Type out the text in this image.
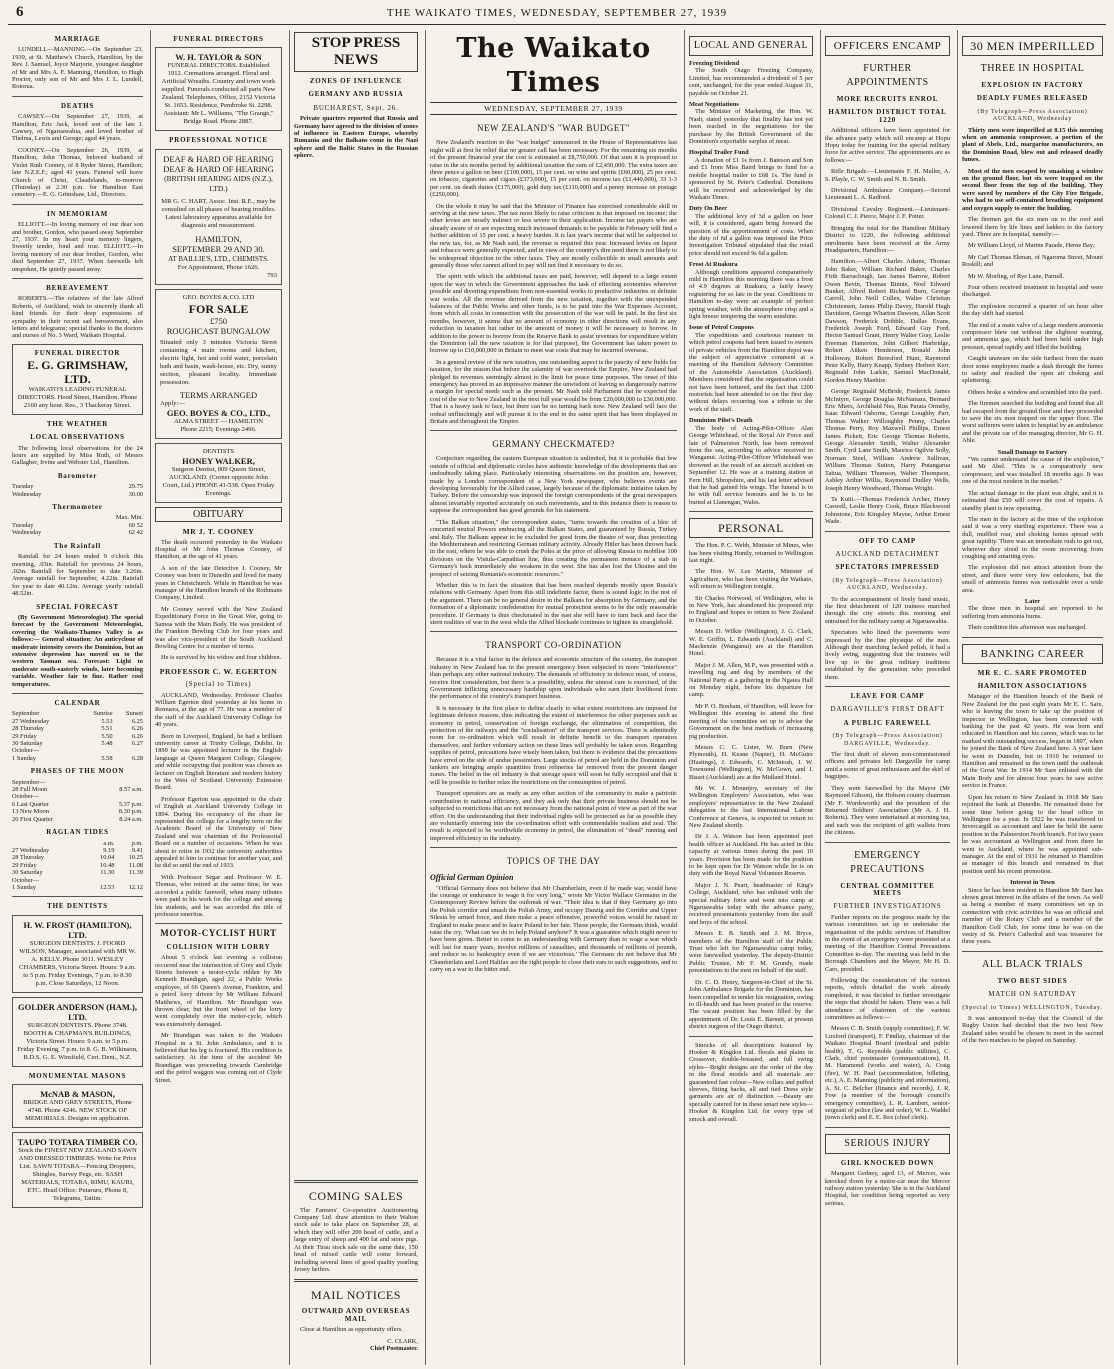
6	THE WAIKATO TIMES, WEDNESDAY, SEPTEMBER 27, 1939
MARRIAGE

LUNDELL—MANNING.—On September 23, 1939, at St. Matthew's Church, Hamilton, by the Rev. J. Samuel, Joyce Marjorie, youngest daughter of Mr and Mrs A. F. Manning, Hamilton, to Hugh Proctor, only son of Mr and Mrs J. L. Lundell, Rotorua.

DEATHS

CAWSEY.—On September 27, 1939, at Hamilton, Eric Jack, loved son of the late J. Cawsey, of Ngaruawahia, and loved brother of Thelma, Lewis and George; aged 44 years.

COONEY.—On September 26, 1939, at Hamilton, John Thomas, beloved husband of Violet Ruth Cooney, of 8 Ryder Street, Hamilton; late N.Z.E.F.; aged 41 years. Funeral will leave Church of Christ, Claudelands, to-morrow (Thursday) at 2.30 p.m. for Hamilton East cemetery.—E. G. Grimshaw, Ltd., Directors.

IN MEMORIAM

ELLIOTT.—In loving memory of our dear son and brother, Gordon, who passed away September 27, 1937. In my heart your memory lingers, Sweetly tender, fond and true. ELLIOTT.—In loving memory of our dear brother, Gordon, who died September 27, 1937. When farewells left unspoken, He quietly passed away.

BEREAVEMENT

ROBERTS.—The relatives of the late Alfred Roberts, of Auckland, wish to sincerely thank all kind friends for their deep expressions of sympathy in their recent sad bereavement, also letters and telegrams; special thanks to the doctors and nurses of No. 3 Ward, Waikato Hospital.

FUNERAL DIRECTOR
E. G. GRIMSHAW, LTD.
WAIKATO'S LEADING FUNERAL DIRECTORS. Hood Street, Hamilton. Phone 2160 any hour. Res., 3 Thackeray Street.
THE WEATHER
LOCAL OBSERVATIONS

The following local observations for the 24 hours are supplied by Miss Ruth, of Messrs Gallagher, Irvine and Webster Ltd., Hamilton.

Barometer
Tuesday	29.75
Wednesday	30.00
Thermometer
	Max. Min.
Tuesday	60 52
Wednesday	62 42
The Rainfall

Rainfall for 24 hours ended 9 o'clock this morning, .03in. Rainfall for previous 24 hours, .02in. Rainfall for September to date 3.26in. Average rainfall for September, 4.22in. Rainfall for year to date 40.12in. Average yearly rainfall 48.52in.

SPECIAL FORECAST

(By Government Meteorologist) The special forecast by the Government Meteorologist, covering the Waikato-Thames Valley is as follows:— General situation: An anticyclone of moderate intensity covers the Dominion, but an extensive depression has moved on to the western Tasman sea. Forecast: Light to moderate south-easterly winds, later becoming variable. Weather fair to fine. Rather cool temperatures.

CALENDAR
September	Sunrise	Sunset
27 Wednesday	5.53	6.25
28 Thursday	5.51	6.26
29 Friday	5.50	6.26
30 Saturday	5.48	6.27
October—		
1 Sunday	5.58	6.28
PHASES OF THE MOON
September—	
28 Full Moon	8.57 a.m.
October—	
6 Last Quarter	5.37 p.m.
13 New Moon	8.30 p.m.
20 First Quarter	8.24 a.m.
RAGLAN TIDES
	a.m.	p.m.
27 Wednesday	9.19	9.41
28 Thursday	10.04	10.25
29 Friday	10.48	11.08
30 Saturday	11.30	11.39
October—		
1 Sunday	12.53	12.12
THE DENTISTS
H. W. FROST (HAMILTON), LTD.
SURGEON DENTISTS. J. FOORD WILSON, Manager, associated with MR W. A. KELLY. Phone 3011. WESLEY CHAMBERS, Victoria Street. Hours: 9 a.m. to 5 p.m. Friday Evenings, 7 p.m. to 8.30 p.m. Close Saturdays, 12 Noon.
GOLDER ANDERSON (HAM.), LTD.
SURGEON DENTISTS. Phone 3748. BOOTH & CHAPMAN'S BUILDINGS, Victoria Street. Hours: 9 a.m. to 5 p.m. Friday Evening, 7 p.m. to 8. G. B. Wilkinson, B.D.S. G. E. Winsfield, Cert. Dent., N.Z.
MONUMENTAL MASONS
McNAB & MASON,
BRIDGE AND GREY STREETS, Phone 4748. Phone 4246. NEW STOCK OF MEMORIALS. Designs on application.
TAUPO TOTARA TIMBER CO.
Stock the FINEST NEW ZEALAND SAWN AND DRESSED TIMBERS. Write for Price List. SAWN TOTARA—Fencing Droppers, Shingles, Survey Pegs, etc. SASH MATERIALS, TOTARA, RIMU, KAURI, ETC. Head Office: Putaruru, Phone 8, Telegrams, Taitim.
FUNERAL DIRECTORS
W. H. TAYLOR & SON
FUNERAL DIRECTORS. Established 1912. Cremations arranged. Floral and Artificial Wreaths. Country and town work supplied. Funerals conducted all parts New Zealand. Telephones, Office, 2152 Victoria St. 1653. Residence, Pembroke St. 2298. Assistant: Mr L. Williams, "The Grange," Bridge Road. Phone 2887.
PROFESSIONAL NOTICE
DEAF & HARD OF HEARING
DEAF & HARD OF HEARING
(BRITISH HEARING AIDS (N.Z.), LTD.)
MR G. C. HART, Assoc. Inst. R.E., may be consulted on all phases of hearing troubles. Latest laboratory apparatus available for diagnosis and measurement.
HAMILTON,
SEPTEMBER 29 AND 30.
AT BAILLIE'S, LTD., CHEMISTS.
For Appointment, Phone 1626.
793
GEO. BOYES & CO. LTD
FOR SALE
£750
ROUGHCAST BUNGALOW
Situated only 3 minutes Victoria Street containing 4 main rooms and kitchen, electric light, hot and cold water, porcelain bath and basin, wash-house, etc. Dry, sunny section, pleasant locality. Immediate possession.
TERMS ARRANGED
Apply:—
GEO. BOYES & CO., LTD.,
ALMA STREET — HAMILTON
Phone 2215; Evenings 2496.
DENTISTS
HONEY WALKER,
Surgeon Dentist, 809 Queen Street, AUCKLAND. (Corner opposite John Court, Ltd.) PHONE 41-538. Open Friday Evenings.
OBITUARY
MR J. T. COONEY

The death occurred yesterday in the Waikato Hospital of Mr John Thomas Cooney, of Hamilton, at the age of 41 years.

A son of the late Detective J. Cooney, Mr Cooney was born in Dunedin and lived for many years in Christchurch. While in Hamilton he was manager of the Hamilton branch of the Rothmans Company, Limited.

Mr Cooney served with the New Zealand Expeditionary Force in the Great War, going to Samoa with the Main Body. He was president of the Frankton Bowling Club for four years and was also vice-president of the South Auckland Bowling Centre for a number of terms.

He is survived by his widow and four children.

PROFESSOR C. W. EGERTON
(Special to Times)

AUCKLAND, Wednesday. Professor Charles William Egerton died yesterday at his home in Remuera, at the age of 77. He was a member of the staff of the Auckland University College for 40 years.

Born in Liverpool, England, he had a brilliant university career at Trinity College, Dublin. In 1890 he was appointed lecturer in the English language at Queen Margaret College, Glasgow, and while occupying that position was chosen as lecturer on English literature and modern history to the West of Scotland University Extension Board.

Professor Egerton was appointed to the chair of English at Auckland University College in 1894. During his occupancy of the chair he represented the college for a lengthy term on the Academic Board of the University of New Zealand and was chairman of the Professorial Board on a number of occasions. When he was about to retire in 1932 the university authorities appealed to him to continue for another year, and he did so until the end of 1933.

With Professor Segar and Professor W. E. Thomas, who retired at the same time, he was accorded a public farewell, when many tributes were paid to his work for the college and among his students, and he was accorded the title of professor emeritus.

MOTOR-CYCLIST HURT
COLLISION WITH LORRY

About 5 o'clock last evening a collision occurred near the intersection of Grey and Clyde Streets between a motor-cycle ridden by Mr Kenneth Brandigan, aged 22, a Public Works employee, of 66 Queen's Avenue, Frankton, and a petrol lorry driven by Mr William Edward Matthews, of Hamilton. Mr Brandigan was thrown clear, but the front wheel of the lorry went completely over the motor-cycle, which was extensively damaged.

Mr Brandigan was taken to the Waikato Hospital in a St. John Ambulance, and it is believed that his leg is fractured. His condition is satisfactory. At the time of the accident Mr Brandigan was proceeding towards Cambridge and the petrol waggon was coming out of Clyde Street.

STOP PRESS NEWS
ZONES OF INFLUENCE
GERMANY AND RUSSIA
BUCHAREST, Sept. 26.

Private quarters reported that Russia and Germany have agreed to the division of zones of influence in Eastern Europe, whereby Rumania and the Balkans come in the Nazi sphere and the Baltic States in the Russian sphere.

COMING SALES

The Farmers' Co-operative Auctioneering Company Ltd. draw attention to their Walton stock sale to take place on September 28, at which they will offer 200 head of cattle, and a large entry of sheep and 400 fat and store pigs. At their Tirau stock sale on the same date, 150 head of mixed cattle will come forward, including several lines of good quality yearling Jersey heifers.

MAIL NOTICES
OUTWARD AND OVERSEAS MAIL

Close at Hamilton as opportunity offers.

C. CLARK,
Chief Postmaster.
The Waikato Times
WEDNESDAY, SEPTEMBER 27, 1939
NEW ZEALAND'S "WAR BUDGET"

New Zealand's reaction to the "war budget" announced in the House of Representatives last night will at first be relief that no greater call has been necessary. For the remaining six months of the present financial year the cost is estimated at £8,750,000. Of that sum it is proposed to raise in the six months period by additional taxation the sum of £2,450,000. The extra taxes are three pence a gallon on beer (£100,000), 15 per cent. on wine and spirits (£60,000), 25 per cent. on tobacco, cigarettes and cigars (£373,000), 15 per cent. on income tax (£1,440,000), 33 1-3 per cent. on death duties (£175,000), gold duty tax (£110,000) and a penny increase on postage (£250,000).

On the whole it may be said that the Minister of Finance has exercised considerable skill in arriving at the new taxes. The tax most likely to raise criticism is that imposed on income; the other levies are mostly indirect or less severe in their application. Income tax payers who are already aware of or are expecting much increased demands to be payable in February will find a further addition of 15 per cent. a heavy burden. It is last year's income that will be subjected to the new tax, for, as Mr Nash said, the revenue is required this year. Increased levies on liquor and tobacco were generally expected, and in view of the country's dire need there is not likely to be widespread objection to the other taxes. They are mostly collectible in small amounts and generally those who cannot afford to pay will not find it necessary to do so.

The spirit with which the additional taxes are paid, however, will depend to a large extent upon the way in which the Government approaches the task of effecting economies wherever possible and diverting expenditure from non-essential works to productive industries or definite war works. All the revenue derived from the new taxation, together with the unexpended balances of the Public Works and other funds, is to be paid into the War Expenses Account, from which all costs in connection with the prosecution of the war will be paid. In the first six months, however, it seems that no amount of economy in other directions will result in any reduction in taxation but rather in the amount of money it will be necessary to borrow. In addition to the power to borrow from the Reserve Bank to assist revenues for expenditure within the Dominion (all the new taxation is for that purpose), the Government has taken power to borrow up to £10,000,000 in Britain to meet war costs that may be incurred overseas.

In a general review of the new taxation, one outstanding aspect is the paucity of new fields for taxation, for the reason that before the calamity of war overtook the Empire, New Zealand had pledged its revenues seemingly almost to the limit for peace time purposes. The onset of this emergency has proved in an impressive manner the unwisdom of leaving so dangerously narrow a margin for special needs such as the present. Mr Nash told Parliament that he expected the cost of the war to New Zealand in the next full year would be from £20,000,000 to £30,000,000. That is a heavy task to face, but there can be no turning back now. New Zealand will face the ordeal unflinchingly and will pursue it to the end in the same spirit that has been displayed in Britain and throughout the Empire.

GERMANY CHECKMATED?

Conjecture regarding the eastern European situation is unlimited, but it is probable that few outside of official and diplomatic circles have authentic knowledge of the developments that are undoubtedly taking place. Particularly interesting observations on the position are, however, made by a London correspondent of a New York newspaper, who believes events are developing favourably for the Allied cause, largely because of the diplomatic initiative taken by Turkey. Before the censorship was imposed the foreign correspondents of the great newspapers almost invariably reported accurately on such movements, and in this instance there is reason to suppose the correspondent has good grounds for his statement.

"The Balkan situation," the correspondent states, "turns towards the creation of a bloc of concerted neutral Powers embracing all the Balkan States, and guaranteed by Russia, Turkey and Italy. The Balkans appear to be excluded for good from the theatre of war, thus protecting the Mediterranean and restricting German military activity. Already Hitler has been thrown back in the east, where he was able to crush the Poles at the price of allowing Russia to mobilise 100 divisions on the Vistula-Carpathian line, thus creating the permanent menace of a stab in Germany's back immediately she weakens in the west. She has also lost the Ukraine and the prospect of seizing Rumania's economic resources."

Whether this is in fact the situation that has been reached depends mostly upon Russia's relations with Germany. Apart from this still indefinite factor, there is sound logic in the rest of the argument. There can be no general desire in the Balkans for absorption by Germany, and the formation of a diplomatic confederation for mutual protection seems to be the only reasonable procedure. If Germany is thus checkmated in the east she will have to turn back and face the stern realities of war in the west while the Allied blockade continues to tighten its stranglehold.

TRANSPORT CO-ORDINATION

Because it is a vital factor in the defence and economic structure of the country, the transport industry in New Zealand has in the present emergency been subjected to more "interference" than perhaps any other national industry. The demands of efficiency in defence must, of course, receive first consideration, but there is a possibility, unless the utmost care is exercised, of the Government inflicting unnecessary hardship upon individuals who earn their livelihood from the performance of the country's transport business.

It is necessary in the first place to define clearly to what extent restrictions are imposed for legitimate defence reasons, thus indicating the extent of interference for other purposes such as economy in petrol, conservation of foreign exchange, the elimination of competition, the protection of the railways and the "socialisation" of the transport services. There is admittedly room for co-ordination which will result in definite benefit to the transport operators themselves, and further voluntary action on these lines will probably be taken soon. Regarding supplies of petrol, precautions have wisely been taken, but there is evidence that the precautions have erred on the side of undue pessimism. Large stocks of petrol are held in the Dominion and tankers are bringing ample quantities from refineries far removed from the present danger zones. The belief in the oil industry is that storage space will soon be fully occupied and that it will be possible to further relax the restrictions on the consumption of petrol.

Transport operators are as ready as any other section of the community to make a patriotic contribution to national efficiency, and they ask only that their private business should not be subjected to restrictions that are not necessary from the national point of view as part of the war effort. On the understanding that their individual rights will be protected as far as possible they are voluntarily entering into the co-ordination effort with commendable realism and zeal. The result is expected to be worthwhile economy in petrol, the elimination of "dead" running and improved efficiency in the industry.

TOPICS OF THE DAY
Official German Opinion

"Official Germany does not believe that Mr Chamberlain, even if he made war, would have the courage or endurance to wage it for very long," wrote Mr Victor Wallace Germains in the Contemporary Review before the outbreak of war. "Their idea is that if they Germany go into the Polish corridor and smash the Polish Army, and occupy Danzig and the Corridor and Upper Silesia by armed force, and then make a peace offensive, powerful voices would be raised in England to make peace and to leave Poland to her fate. These people, the Germans think, would raise the cry, 'What can we do to help Poland anyhow?' It was a guarantee which ought never to have been given. Better to come to an understanding with Germany than to wage a war which will last for many years, involve millions of casualties, and thousands of millions of pounds, and reduce us to bankruptcy even if we are victorious.' The Germans do not believe that Mr Chamberlain and Lord Halifax are the right people to close their ears to such suggestions, and to carry on a war to the bitter end.

LOCAL AND GENERAL
Freezing Dividend

The South Otago Freezing Company, Limited, has recommended a dividend of 5 per cent, unchanged, for the year ended August 31, payable on October 21.

Meat Negotiations

The Minister of Marketing, the Hon. W. Nash, stated yesterday that finality has not yet been reached in the negotiations for the purchase by the British Government of the Dominion's exportable surplus of meat.

Hospital Trailer Fund

A donation of £1 1s from J. Bateson and Son and £1 from Miss Baird brings to fund for a mobile hospital trailer to £68 1s. The fund is sponsored by St. Peter's Cathedral. Donations will be received and acknowledged by the Waikato Times.

Duty On Beer

The additional levy of 3d a gallon on beer will, it is considered, again bring forward the question of the apportionment of costs. When the duty of 6d a gallon was imposed the Price Investigation Tribunal stipulated that the retail price should not exceed 9s 6d a gallon.

Frost At Ruakura

Although conditions appeared comparatively mild in Hamilton this morning there was a frost of 4.9 degrees at Ruakura, a fairly heavy registering for so late in the year. Conditions in Hamilton to-day were an example of perfect spring weather, with the atmosphere crisp and a light breeze tempering the warm sunshine.

Issue of Petrol Coupons

The expeditious and courteous manner in which petrol coupons had been issued to owners of private vehicles from the Hamilton depot was the subject of appreciative comment at a meeting of the Hamilton Advisory Committee of the Automobile Association (Auckland). Members considered that the organisation could not have been bettered, and the fact that 1200 motorists had been attended to on the first day without delays occurring was a tribute to the work of the staff.

Dominion Pilot's Death

The body of Acting-Pilot-Officer Alan George Whitehead, of the Royal Air Force and late of Palmerston North, has been removed from the sea, according to advice received in Wanganui. Acting-Pilot-Officer Whitehead was drowned as the result of an aircraft accident on September 12. He was at a training station at Fern Hill, Shropshire, and his last letter advised that he had gained his wings. The funeral is to be with full service honours and he is to be buried at Llanengan, Wales.

PERSONAL

The Hon. P. C. Webb, Minister of Mines, who has been visiting Huntly, returned to Wellington last night.

The Hon. W. Lee Martin, Minister of Agriculture, who has been visiting the Waikato, will return to Wellington tonight.

Sir Charles Norwood, of Wellington, who is in New York, has abandoned his proposed trip to England and hopes to return to New Zealand in October.

Messrs D. Wilkie (Wellington), J. G. Clark, W. E. Griffin, L. Edwards (Auckland) and C. Mackenzie (Wanganui) are at the Hamilton Hotel.

Major J. M. Allen, M.P., was presented with a travelling rug and dog by members of the National Party at a gathering in the Ngatea Hall on Monday night, before his departure for camp.

Mr P. O. Bonham, of Hamilton, will leave for Wellington this evening to attend the first meeting of the committee set up to advise the Government on the best methods of increasing pig production.

Messrs C. C. Lister, W. Burn (New Plymouth), H. Keane (Napier), H. McGuire (Hastings), J. Edwards, C. McIntosh, J. W. Townsend (Wellington), W. McGown, and J. Bisset (Auckland) are at the Midland Hotel.

Mr W. J. Mountjoy, secretary of the Wellington Employers' Association, who was employers' representative in the New Zealand delegation to the last International Labour Conference at Geneva, is expected to return to New Zealand shortly.

Dr J. A. Watson has been appointed port health officer at Auckland. He has acted in this capacity at various times during the past 10 years. Provision has been made for the position to be kept open for Dr Watson while he is on duty with the Royal Naval Volunteer Reserve.

Major J. N. Peart, headmaster of King's College, Auckland, who has enlisted with the special military force and went into camp at Ngaruawahia today with the advance party, received presentations yesterday from the staff and boys of the school.

Messrs E. B. Smith and J. M. Bryce, members of the Hamilton staff of the Public Trust who left for Ngaruawahia camp today, were farewelled yesterday. The deputy-District Public Trustee, Mr F. M. Grundy, made presentations to the men on behalf of the staff.

Dr. C. D. Henry, Surgeon-in-Chief of the St. John Ambulance Brigade for the Dominion, has been compelled to tender his resignation, owing to ill-health and has been posted to the reserve. The vacant position has been filled by the appointment of Dr. Louis E. Barnett, at present district surgeon of the Otago district.

Smocks of all descriptions featured by Hooker & Kingdon Ltd. florals and plains in Crossover, double-breasted, and full swing styles—Bright designs are the order of the day in the floral models and all materials are guaranteed fast colour—New collars and puffed sleeves, fitting backs, all and tied Dress style garments are air of distinction —Beauty are specially catered for in these smart new styles—Hooker & Kingdon Ltd. for every type of smock and overall.

OFFICERS ENCAMP
FURTHER APPOINTMENTS
MORE RECRUITS ENROL
HAMILTON DISTRICT TOTAL 1220

Additional officers have been appointed for the advance party which will encamp at Hopu Hopu today for training for the special military force for active service. The appointments are as follows:—

Rifle Brigade.—Lieutenants F. H. Muller, A. S. Playle, C. W. Smith and N. B. Smith.

Divisional Ambulance Company.—Second Lieutenant L. A. Radford.

Divisional Cavalry Regiment.—Lieutenant-Colonel C. J. Pierce, Major J. F. Potter.

Bringing the total for the Hamilton Military District to 1220, the following additional enrolments have been received at the Army Headquarters, Hamilton:—

Hamilton.—Albert Charles Adams, Thomas John Baker, William Richard Baker, Charles Firth Barraclough, Ian James Barrow, Robert Owen Bevin, Thomas Binnie, Noel Edward Bunker, Alfred Robert Richard Burn, George Carroll, John Neill Cullen, Walter Christian Christensen, James Philip Davey, Harold Hugh Davidson, George Wharton Dawson, Allan Scott Dawson, Frederick Dribble, Dallas Evans, Frederick Joseph Ford, Edward Guy Ford, Hector Samuel Grant, Henry Walter Gray, Leslie Freeman Hamerton, John Gilbert Harbridge, Robert Aitken Henderson, Ronald John Holloway, Robert Beresford Hunt, Raymond Peter Kelly, Harry Knapp, Sydney Herbert Kerr, Reginald John Larkin, Samuel MacDonald, Gordon Henry Manhire.

George Reginald McBride, Frederick James McIntyre, George Douglas McNamara, Bernard Eric Miers, Archibald Nes, Rua Parata Ormsby, Isaac Edward Osborne, George Loughby Parr, Thomas Walker Willoughby Penny, Charles Thomas Perry, Roy Maxwell Phillips, Ernest James Pickett, Eric George Thomas Roberts, George Alexander Smith, Walter Alexander Smith, Cyril Lane Smith, Maurice Ogilvie Solly, Norman Steel, William Andrew Sullivan, William Thomas Sutton, Harry Putangarua Taitua, William Thomson, Walter Thompson, Ashley Arthur Willis, Raymond Dudley Wells, Joseph Henry Woodward, Thomas Wright.

Te Kuiti.—Thomas Frederick Archer, Henry Caswell, Leslie Henry Cook, Bruce Blackwood Johnstone, Eric Kingsley Mayne, Arthur Ernest Wade.

OFF TO CAMP
AUCKLAND DETACHMENT
SPECTATORS IMPRESSED
(By Telegraph—Press Association) AUCKLAND, Wednesday.

To the accompaniment of lively band music, the first detachment of 120 trainees marched through the city streets this morning and entrained for the military camp at Ngaruawahia.

Spectators who lined the pavements were impressed by the fine physique of the men. Although their marching lacked polish, it had a lively swing, suggesting that the trainees will live up to the great military traditions established by the generation who preceded them.

LEAVE FOR CAMP
DARGAVILLE'S FIRST DRAFT
A PUBLIC FAREWELL
(By Telegraph—Press Association) DARGAVILLE, Wednesday.

The first draft of eleven non-commissioned officers and privates left Dargaville for camp amid a scene of great enthusiasm and the skirl of bagpipes.

They were farewelled by the Mayor (Mr Raymond Gibson), the Hobson county chairman (Mr F. Wordsworth) and the president of the Returned Soldiers' Association (Mr A. J. H. Roberts). They were entertained at morning tea, and each was the recipient of gift wallets from the citizens.

EMERGENCY PRECAUTIONS
CENTRAL COMMITTEE MEETS
FURTHER INVESTIGATIONS

Further reports on the progress made by the various committees set up to undertake the organisation of the public services of Hamilton in the event of an emergency were presented at a meeting of the Hamilton Central Precautions Committee to-day. The meeting was held in the Borough Chambers and the Mayor, Mr H. D. Caro, presided.

Following the consideration of the various reports, which detailed the work already completed, it was decided to further investigate the steps that should be taken. There was a full attendance of chairmen of the various committees as follows:—

Messrs C. B. Smith (supply committee), F. W. Luxford (transport), F. Findlay, chairman of the Waikato Hospital Board (medical and public health), T. G. Reynolds (public utilities), C. Clark, chief postmaster (communications), H. M. Hammond (works and water), A. Craig (fire), W. H. Paul (accommodation, billeting, etc.), A. E. Manning (publicity and information), A. St. C. Belcher (finance and records), J. R. Fow (a member of the borough council's emergency committee), L. R. Lambert, senior-sergeant of police (law and order), W. L. Waddel (town clerk) and E. E. Rex (chief clerk).

SERIOUS INJURY
GIRL KNOCKED DOWN

Margaret Gedney, aged 13, of Mercer, was knocked down by a motor-car near the Mercer railway station yesterday. She is in the Auckland Hospital, her condition being reported as very serious.

30 MEN IMPERILLED
THREE IN HOSPITAL
EXPLOSION IN FACTORY
DEADLY FUMES RELEASED
(By Telegraph—Press Association) AUCKLAND, Wednesday

Thirty men were imperilled at 8.15 this morning when an ammonia compressor, a portion of the plant of Abels, Ltd., margarine manufacturers, on the Dominion Road, blew out and released deadly fumes.

Most of the men escaped by smashing a window on the ground floor, but six were trapped on the second floor from the top of the building. They were saved by members of the City Fire Brigade, who had to use self-contained breathing equipment and oxygen supply to enter the building.

The firemen got the six men on to the roof and lowered them by life lines and ladders to the factory yard. Three are in hospital, namely:—

Mr William Lloyd, of Marine Parade, Herne Bay;

Mr Carl Thomas Ekman, of Ngaroma Street, Mount Roskill; and

Mr W. Morling, of Rye Lane, Parnell.

Four others received treatment in hospital and were discharged.

The explosion occurred a quarter of an hour after the day shift had started.

The end of a main valve of a large modern ammonia compressor blew out without the slightest warning, and ammonia gas, which had been held under high pressure, spread rapidly and filled the building.

Caught unaware on the side furthest from the main door some employees made a dash through the fumes to safety and reached the open air choking and spluttering.

Others broke a window and scrambled into the yard.

The firemen searched the building and found that all had escaped from the ground floor and they proceeded to save the six men trapped on the upper floor. The worst sufferers were taken to hospital by an ambulance and the private car of the managing director, Mr G. H. Able.

Small Damage to Factory

"We cannot understand the cause of the explosion," said Mr Abel. "This is a comparatively new compressor, and was installed 18 months ago. It was one of the most modern in the market."

The actual damage to the plant was slight, and it is estimated that £50 will cover the cost of repairs. A standby plant is now operating.

The men in the factory at the time of the explosion said it was a very startling experience. There was a dull, muffled roar, and choking fumes spread with great rapidity. There was an immediate rush to get out, wherever they stood in the room recovering from coughing and smarting eyes.

The explosion did not attract attention from the street, and there were very few onlookers, but the smell of ammonia fumes was noticeable over a wide area.

Later

The three men in hospital are reported to be suffering from ammonia burns.

Their condition this afternoon was unchanged.

BANKING CAREER
MR E. C. SARE PROMOTED
HAMILTON ASSOCIATIONS

Manager of the Hamilton branch of the Bank of New Zealand for the past eight years Mr E. C. Sare, who is leaving the town to take up the position of inspector in Wellington, has been connected with banking for the past 42 years. He was born and educated in Hamilton and his career, which was to be marked with outstanding success, began in 1897, when he joined the Bank of New Zealand here. A year later he went to Dunedin, but in 1910 he returned to Hamilton and remained in the town until the outbreak of the Great War. In 1914 Mr Sare enlisted with the Main Body and for almost four years he saw active service in France.

Upon his return to New Zealand in 1918 Mr Sare rejoined the bank at Dunedin. He remained there for some time before going to the head office in Wellington for a year. In 1922 he was transferred to Invercargill as accountant and later he held the same position in the Palmerston North branch. For two years he was accountant at Wellington and from there he went to Auckland, where he was appointed sub-manager. At the end of 1931 he returned to Hamilton as manager of this branch and remained in that position until his recent promotion.

Interest in Town

Since he has been resident in Hamilton Mr Sare has shown great interest in the affairs of the town. As well as being a member of many committees set up in connection with civic activities he was an official and member of the Rotary Club and a member of the Hamilton Golf Club, for some time he was on the vestry of St. Peter's Cathedral and was treasurer for three years.

ALL BLACK TRIALS
TWO BEST SIDES
MATCH ON SATURDAY
(Special to Times) WELLINGTON, Tuesday.

It was announced to-day that the Council of the Rugby Union had decided that the two best New Zealand sides would be chosen to meet in the second of the two matches to be played on Saturday.
